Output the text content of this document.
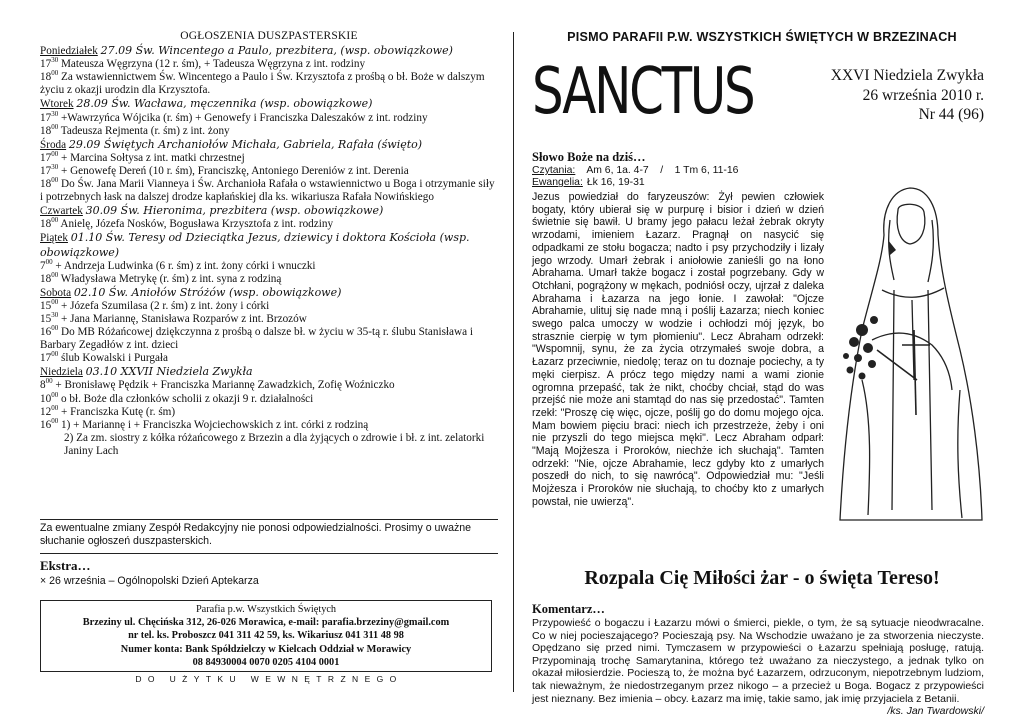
OGŁOSZENIA DUSZPASTERSKIE
Poniedziałek 27.09 Św. Wincentego a Paulo, prezbitera, (wsp. obowiązkowe)
$17^{30}$ Mateusza Węgrzyna (12 r. śm), + Tadeusza Węgrzyna z int. rodziny
$18^{00}$ Za wstawiennictwem Św. Wincentego a Paulo i Św. Krzysztofa z prośbą o bł. Boże w dalszym życiu z okazji urodzin dla Krzysztofa.
Wtorek 28.09 Św. Wacława, męczennika (wsp. obowiązkowe)
$17^{30}$ +Wawrzyńca Wójcika (r. śm) + Genowefy i Franciszka Daleszaków z int. rodziny
$18^{00}$ Tadeusza Rejmenta (r. śm) z int. żony
Środa 29.09 Świętych Archaniołów Michała, Gabriela, Rafała (święto)
$17^{00}$ + Marcina Sołtysa z int. matki chrzestnej
$17^{30}$ + Genowefę Dereń (10 r. śm), Franciszkę, Antoniego Dereniów z int. Derenia
$18^{00}$ Do Św. Jana Marii Vianneya i Św. Archanioła Rafała o wstawiennictwo u Boga i otrzymanie siły i potrzebnych łask na dalszej drodze kapłańskiej dla ks. wikariusza Rafała Nowińskiego
Czwartek 30.09 Św. Hieronima, prezbitera (wsp. obowiązkowe)
$18^{00}$ Anielę, Józefa Nosków, Bogusława Krzysztofa z int. rodziny
Piątek 01.10 Św. Teresy od Dzieciątka Jezus, dziewicy i doktora Kościoła (wsp. obowiązkowe)
$7^{00}$ + Andrzeja Ludwinka (6 r. śm) z int. żony córki i wnuczki
$18^{00}$ Władysława Metrykę (r. śm) z int. syna z rodziną
Sobota 02.10 Św. Aniołów Stróżów (wsp. obowiązkowe)
$15^{00}$ + Józefa Szumilasa (2 r. śm) z int. żony i córki
$15^{30}$ + Jana Mariannę, Stanisława Rozparów z int. Brzozów
$16^{00}$ Do MB Różańcowej dziękczynna z prośbą o dalsze bł. w życiu w 35-tą r. ślubu Stanisława i Barbary Zegadłów z int. dzieci
$17^{00}$ ślub Kowalski i Purgała
Niedziela 03.10 XXVII Niedziela Zwykła
$8^{00}$ + Bronisławę Pędzik + Franciszka Mariannę Zawadzkich, Zofię Woźniczko
$10^{00}$ o bł. Boże dla członków scholii z okazji 9 r. działalności
$12^{00}$ + Franciszka Kutę (r. śm)
$16^{00}$ 1) + Mariannę i + Franciszka Wojciechowskich z int. córki z rodziną
2) Za zm. siostry z kółka różańcowego z Brzezin a dla żyjących o zdrowie i bł. z int. zelatorki Janiny Lach
Za ewentualne zmiany Zespół Redakcyjny nie ponosi odpowiedzialności. Prosimy o uważne słuchanie ogłoszeń duszpasterskich.
Ekstra…
× 26 września – Ogólnopolski Dzień Aptekarza
Parafia p.w. Wszystkich Świętych
Brzeziny ul. Chęcińska 312, 26-026 Morawica, e-mail: parafia.brzeziny@gmail.com
nr tel. ks. Proboszcz 041 311 42 59, ks. Wikariusz 041 311 48 98
Numer konta: Bank Spółdzielczy w Kielcach Oddział w Morawicy
08 84930004 0070 0205 4104 0001
DO UŻYTKU WEWNĘTRZNEGO
PISMO PARAFII P.W. WSZYSTKICH ŚWIĘTYCH W BRZEZINACH
SANCTUS	XXVI Niedziela Zwykła
26 września 2010 r.
Nr 44 (96)
Słowo Boże na dziś…
Czytania: Am 6, 1a. 4-7    /    1 Tm 6, 11-16
Ewangelia: Łk 16, 19-31
Jezus powiedział do faryzeuszów: Żył pewien człowiek bogaty, który ubierał się w purpurę i bisior i dzień w dzień świetnie się bawił. U bramy jego pałacu leżał żebrak okryty wrzodami, imieniem Łazarz. Pragnął on nasycić się odpadkami ze stołu bogacza; nadto i psy przychodziły i lizały jego wrzody. Umarł żebrak i aniołowie zanieśli go na łono Abrahama. Umarł także bogacz i został pogrzebany. Gdy w Otchłani, pogrążony w mękach, podniósł oczy, ujrzał z daleka Abrahama i Łazarza na jego łonie. I zawołał: "Ojcze Abrahamie, ulituj się nade mną i poślij Łazarza; niech koniec swego palca umoczy w wodzie i ochłodzi mój język, bo strasznie cierpię w tym płomieniu". Lecz Abraham odrzekł: "Wspomnij, synu, że za życia otrzymałeś swoje dobra, a Łazarz przeciwnie, niedolę; teraz on tu doznaje pociechy, a ty męki cierpisz. A prócz tego między nami a wami zionie ogromna przepaść, tak że nikt, choćby chciał, stąd do was przejść nie może ani stamtąd do nas się przedostać". Tamten rzekł: "Proszę cię więc, ojcze, poślij go do domu mojego ojca. Mam bowiem pięciu braci: niech ich przestrzeże, żeby i oni nie przyszli do tego miejsca męki". Lecz Abraham odparł: "Mają Mojżesza i Proroków, niechże ich słuchają". Tamten odrzekł: "Nie, ojcze Abrahamie, lecz gdyby kto z umarłych poszedł do nich, to się nawrócą". Odpowiedział mu: "Jeśli Mojżesza i Proroków nie słuchają, to choćby kto z umarłych powstał, nie uwierzą".
Rozpala Cię Miłości żar - o święta Tereso!
Komentarz…
Przypowieść o bogaczu i Łazarzu mówi o śmierci, piekle, o tym, że są sytuacje nieodwracalne. Co w niej pocieszającego? Pocieszają psy. Na Wschodzie uważano je za stworzenia nieczyste. Opędzano się przed nimi. Tymczasem w przypowieści o Łazarzu spełniają posługę, ratują. Przypominają trochę Samarytanina, którego też uważano za nieczystego, a jednak tylko on okazał miłosierdzie. Pocieszą to, że można być Łazarzem, odrzuconym, niepotrzebnym ludziom, tak nieważnym, że niedostrzeganym przez nikogo – a przecież u Boga. Bogacz z przypowieści jest nieznany. Bez imienia – obcy. Łazarz ma imię, takie samo, jak imię przyjaciela z Betanii.
/ks. Jan Twardowski/
